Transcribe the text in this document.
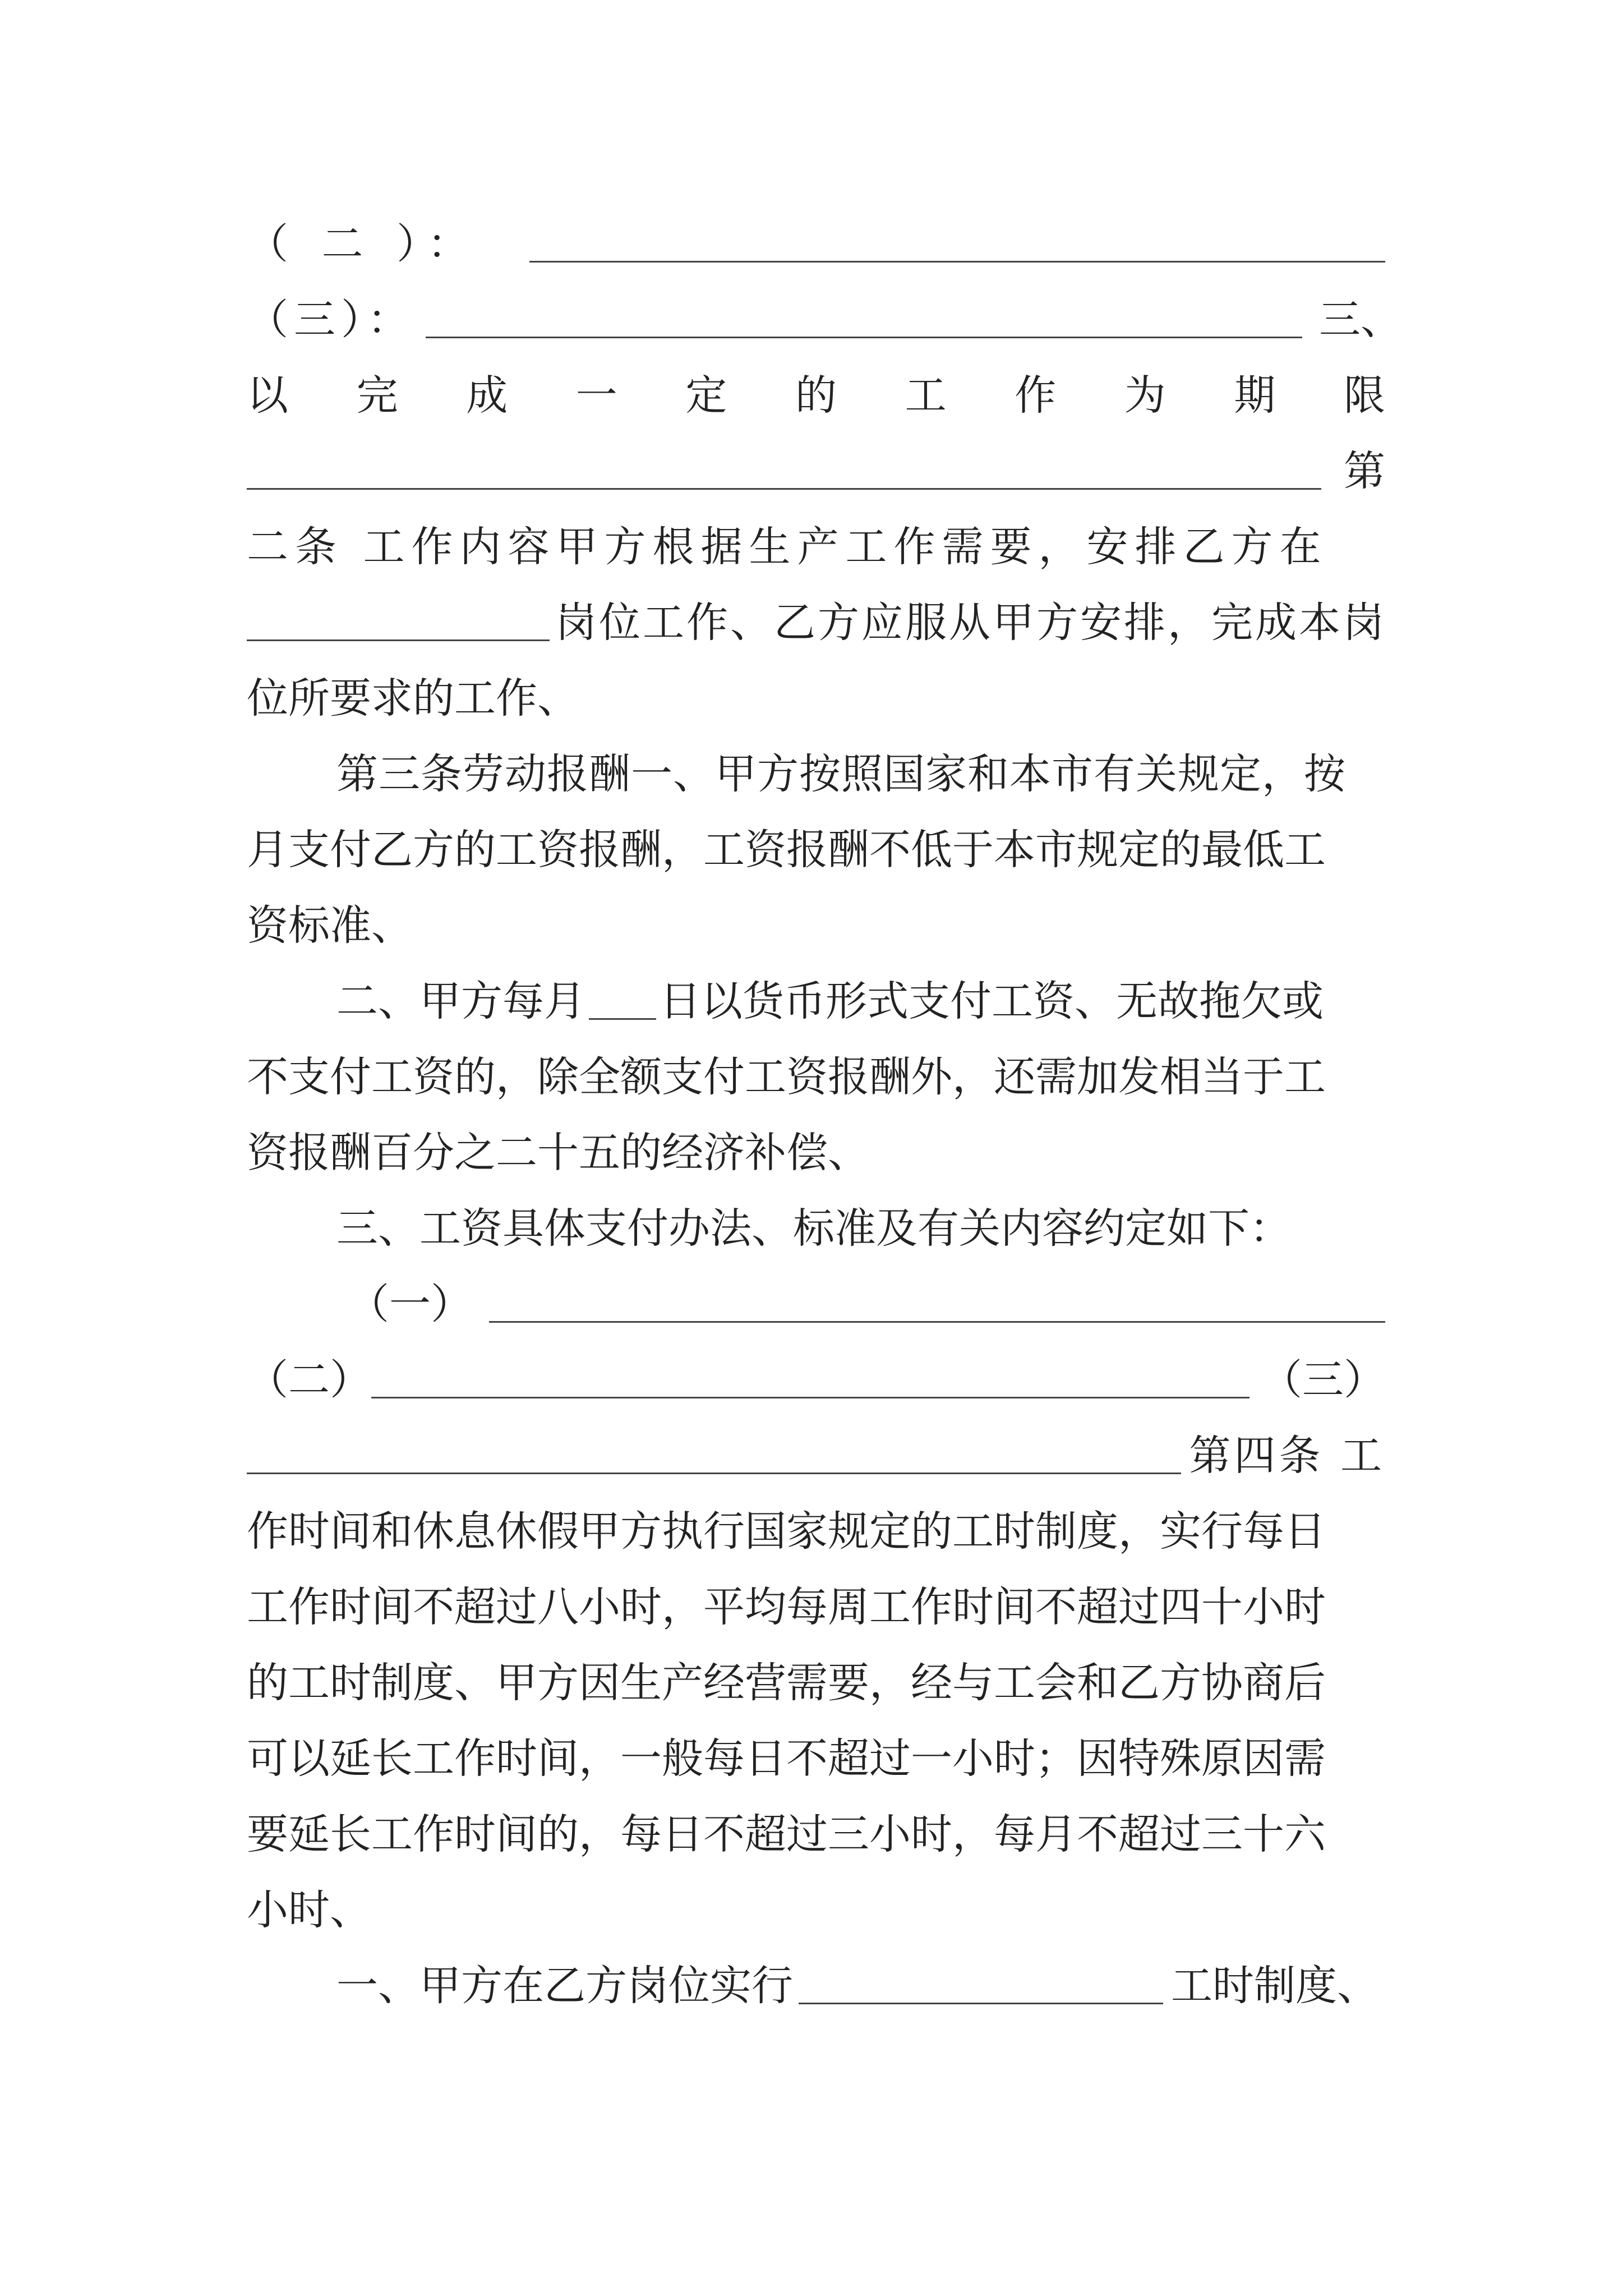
（ 二 ）：
（三）：	三、
以 完 成 一 定 的 工 作 为 期 限
第
二条 工作内容甲方根据生产工作需要，安排乙方在
岗位工作、乙方应服从甲方安排，完成本岗
位所要求的工作、
第三条劳动报酬一、甲方按照国家和本市有关规定，按
月支付乙方的工资报酬，工资报酬不低于本市规定的最低工
资标准、
二、甲方每月 日以货币形式支付工资、无故拖欠或
不支付工资的，除全额支付工资报酬外，还需加发相当于工
资报酬百分之二十五的经济补偿、
三、工资具体支付办法、标准及有关内容约定如下：
（一）
（二）	（三）
第四条 工
作时间和休息休假甲方执行国家规定的工时制度，实行每日
工作时间不超过八小时，平均每周工作时间不超过四十小时
的工时制度、甲方因生产经营需要，经与工会和乙方协商后
可以延长工作时间，一般每日不超过一小时；因特殊原因需
要延长工作时间的，每日不超过三小时，每月不超过三十六
小时、
一、甲方在乙方岗位实行	工时制度、
